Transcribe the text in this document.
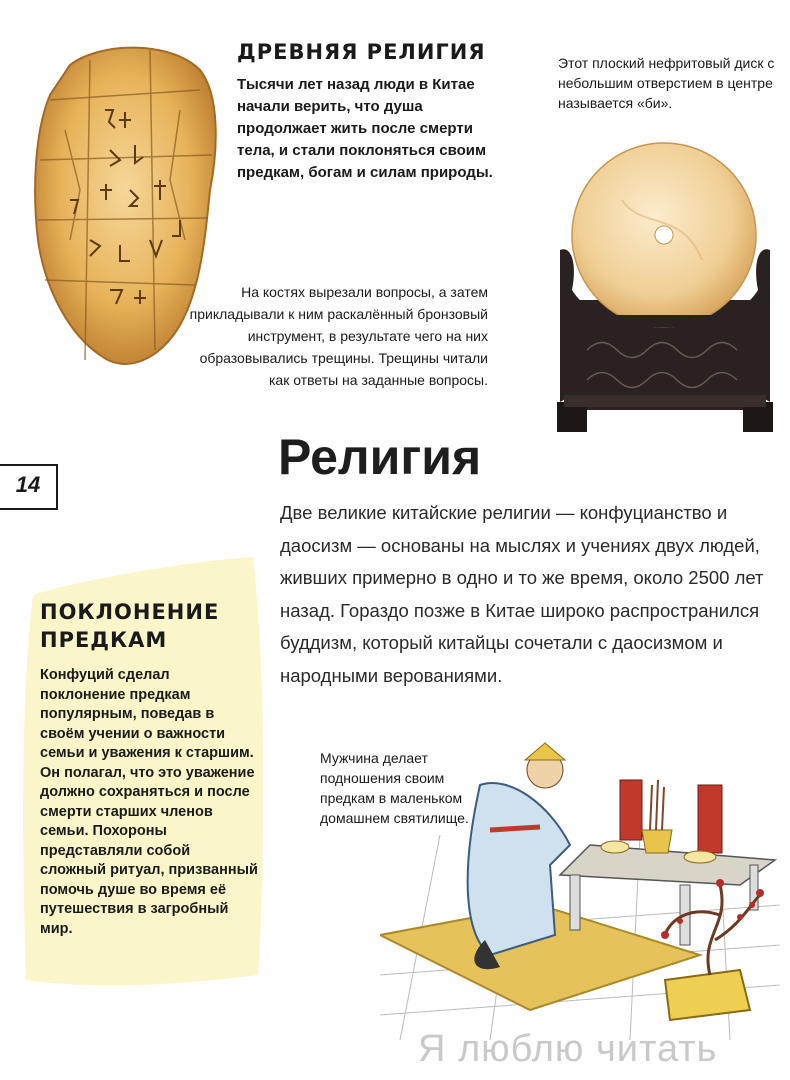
ДРЕВНЯЯ РЕЛИГИЯ
Тысячи лет назад люди в Китае начали верить, что душа продолжает жить после смерти тела, и стали поклоняться своим предкам, богам и силам природы.
На костях вырезали вопросы, а затем прикладывали к ним раскалённый бронзовый инструмент, в результате чего на них образовывались трещины. Трещины читали как ответы на заданные вопросы.
Этот плоский нефритовый диск с небольшим отверстием в центре называется «би».
14	Религия
Две великие китайские религии — конфуцианство и даосизм — основаны на мыслях и учениях двух людей, живших примерно в одно и то же время, около 2500 лет назад. Гораздо позже в Китае широко распространился буддизм, который китайцы сочетали с даосизмом и народными верованиями.
ПОКЛОНЕНИЕ ПРЕДКАМ
Конфуций сделал поклонение предкам популярным, поведав в своём учении о важности семьи и уважения к старшим. Он полагал, что это уважение должно сохраняться и после смерти старших членов семьи. Похороны представляли собой сложный ритуал, призванный помочь душе во время её путешествия в загробный мир.
Мужчина делает подношения своим предкам в маленьком домашнем святилище.
Я люблю читать
